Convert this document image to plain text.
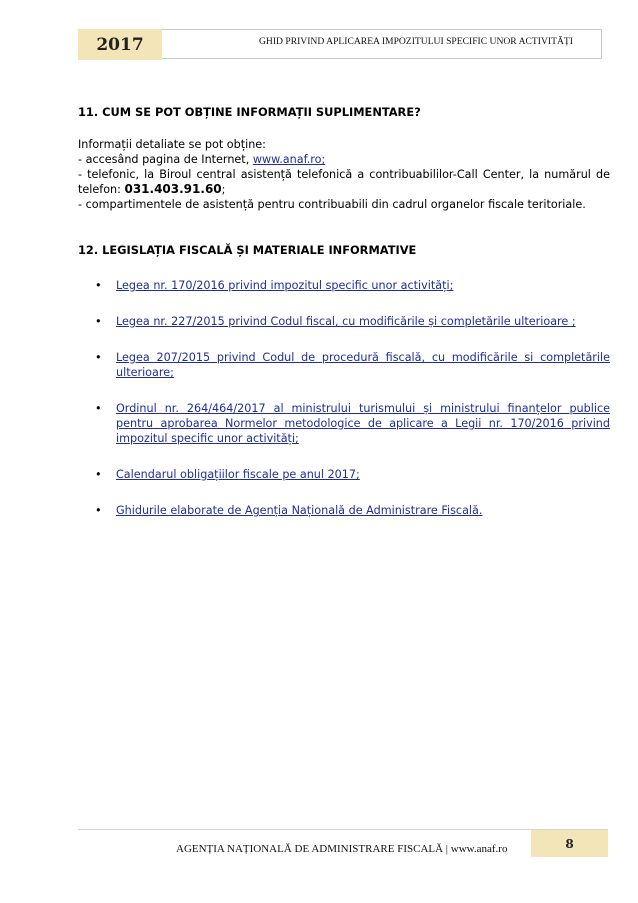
2017	GHID PRIVIND APLICAREA IMPOZITULUI SPECIFIC UNOR ACTIVITĂȚI
11. CUM SE POT OBȚINE INFORMAȚII SUPLIMENTARE?

Informații detaliate se pot obține:

- accesând pagina de Internet, www.anaf.ro;

- telefonic, la Biroul central asistență telefonică a contribuabililor-Call Center, la numărul de telefon: 031.403.91.60;

- compartimentele de asistență pentru contribuabili din cadrul organelor fiscale teritoriale.

12. LEGISLAȚIA FISCALĂ ȘI MATERIALE INFORMATIVE
• Legea nr. 170/2016 privind impozitul specific unor activități;
• Legea nr. 227/2015 privind Codul fiscal, cu modificările și completările ulterioare ;
• Legea 207/2015 privind Codul de procedură fiscală, cu modificările si completările ulterioare;
• Ordinul nr. 264/464/2017 al ministrului turismului și ministrului finanțelor publice pentru aprobarea Normelor metodologice de aplicare a Legii nr. 170/2016 privind impozitul specific unor activități;
• Calendarul obligațiilor fiscale pe anul 2017;
• Ghidurile elaborate de Agenția Națională de Administrare Fiscală.
AGENȚIA NAȚIONALĂ DE ADMINISTRARE FISCALĂ | www.anaf.ro	8
